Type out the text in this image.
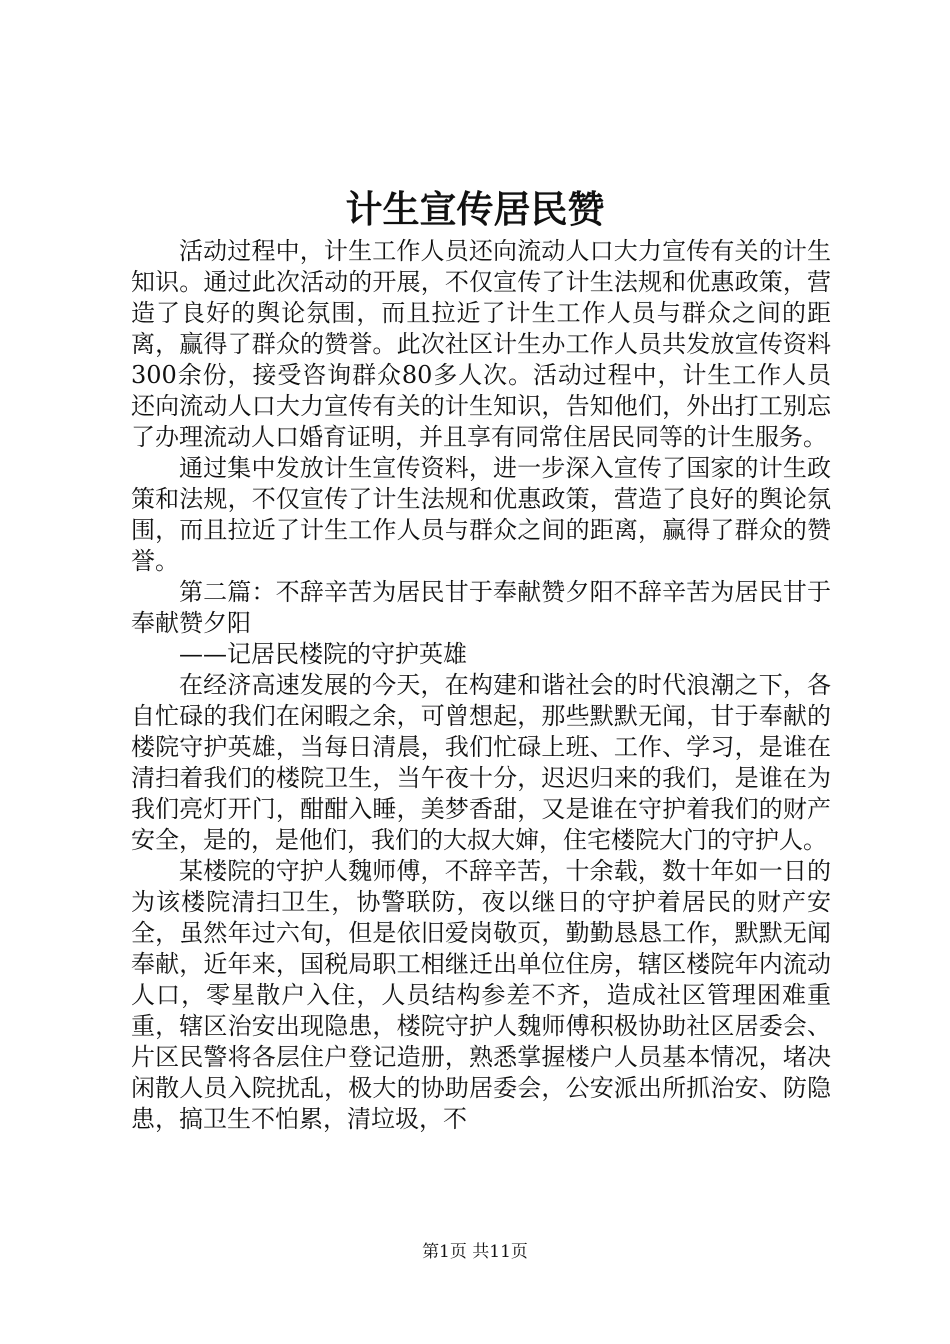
计生宣传居民赞

活动过程中，计生工作人员还向流动人口大力宣传有关的计生知识。通过此次活动的开展，不仅宣传了计生法规和优惠政策，营造了良好的舆论氛围，而且拉近了计生工作人员与群众之间的距离，赢得了群众的赞誉。此次社区计生办工作人员共发放宣传资料300余份，接受咨询群众80多人次。活动过程中，计生工作人员还向流动人口大力宣传有关的计生知识，告知他们，外出打工别忘了办理流动人口婚育证明，并且享有同常住居民同等的计生服务。

通过集中发放计生宣传资料，进一步深入宣传了国家的计生政策和法规，不仅宣传了计生法规和优惠政策，营造了良好的舆论氛围，而且拉近了计生工作人员与群众之间的距离，赢得了群众的赞誉。

第二篇：不辞辛苦为居民甘于奉献赞夕阳不辞辛苦为居民甘于奉献赞夕阳

——记居民楼院的守护英雄

在经济高速发展的今天，在构建和谐社会的时代浪潮之下，各自忙碌的我们在闲暇之余，可曾想起，那些默默无闻，甘于奉献的楼院守护英雄，当每日清晨，我们忙碌上班、工作、学习，是谁在清扫着我们的楼院卫生，当午夜十分，迟迟归来的我们，是谁在为我们亮灯开门，酣酣入睡，美梦香甜，又是谁在守护着我们的财产安全，是的，是他们，我们的大叔大婶，住宅楼院大门的守护人。

某楼院的守护人魏师傅，不辞辛苦，十余载，数十年如一日的为该楼院清扫卫生，协警联防，夜以继日的守护着居民的财产安全，虽然年过六旬，但是依旧爱岗敬页，勤勤恳恳工作，默默无闻奉献，近年来，国税局职工相继迁出单位住房，辖区楼院年内流动人口，零星散户入住，人员结构参差不齐，造成社区管理困难重重，辖区治安出现隐患，楼院守护人魏师傅积极协助社区居委会、片区民警将各层住户登记造册，熟悉掌握楼户人员基本情况，堵决闲散人员入院扰乱，极大的协助居委会，公安派出所抓治安、防隐患，搞卫生不怕累，清垃圾，不

第1页 共11页
